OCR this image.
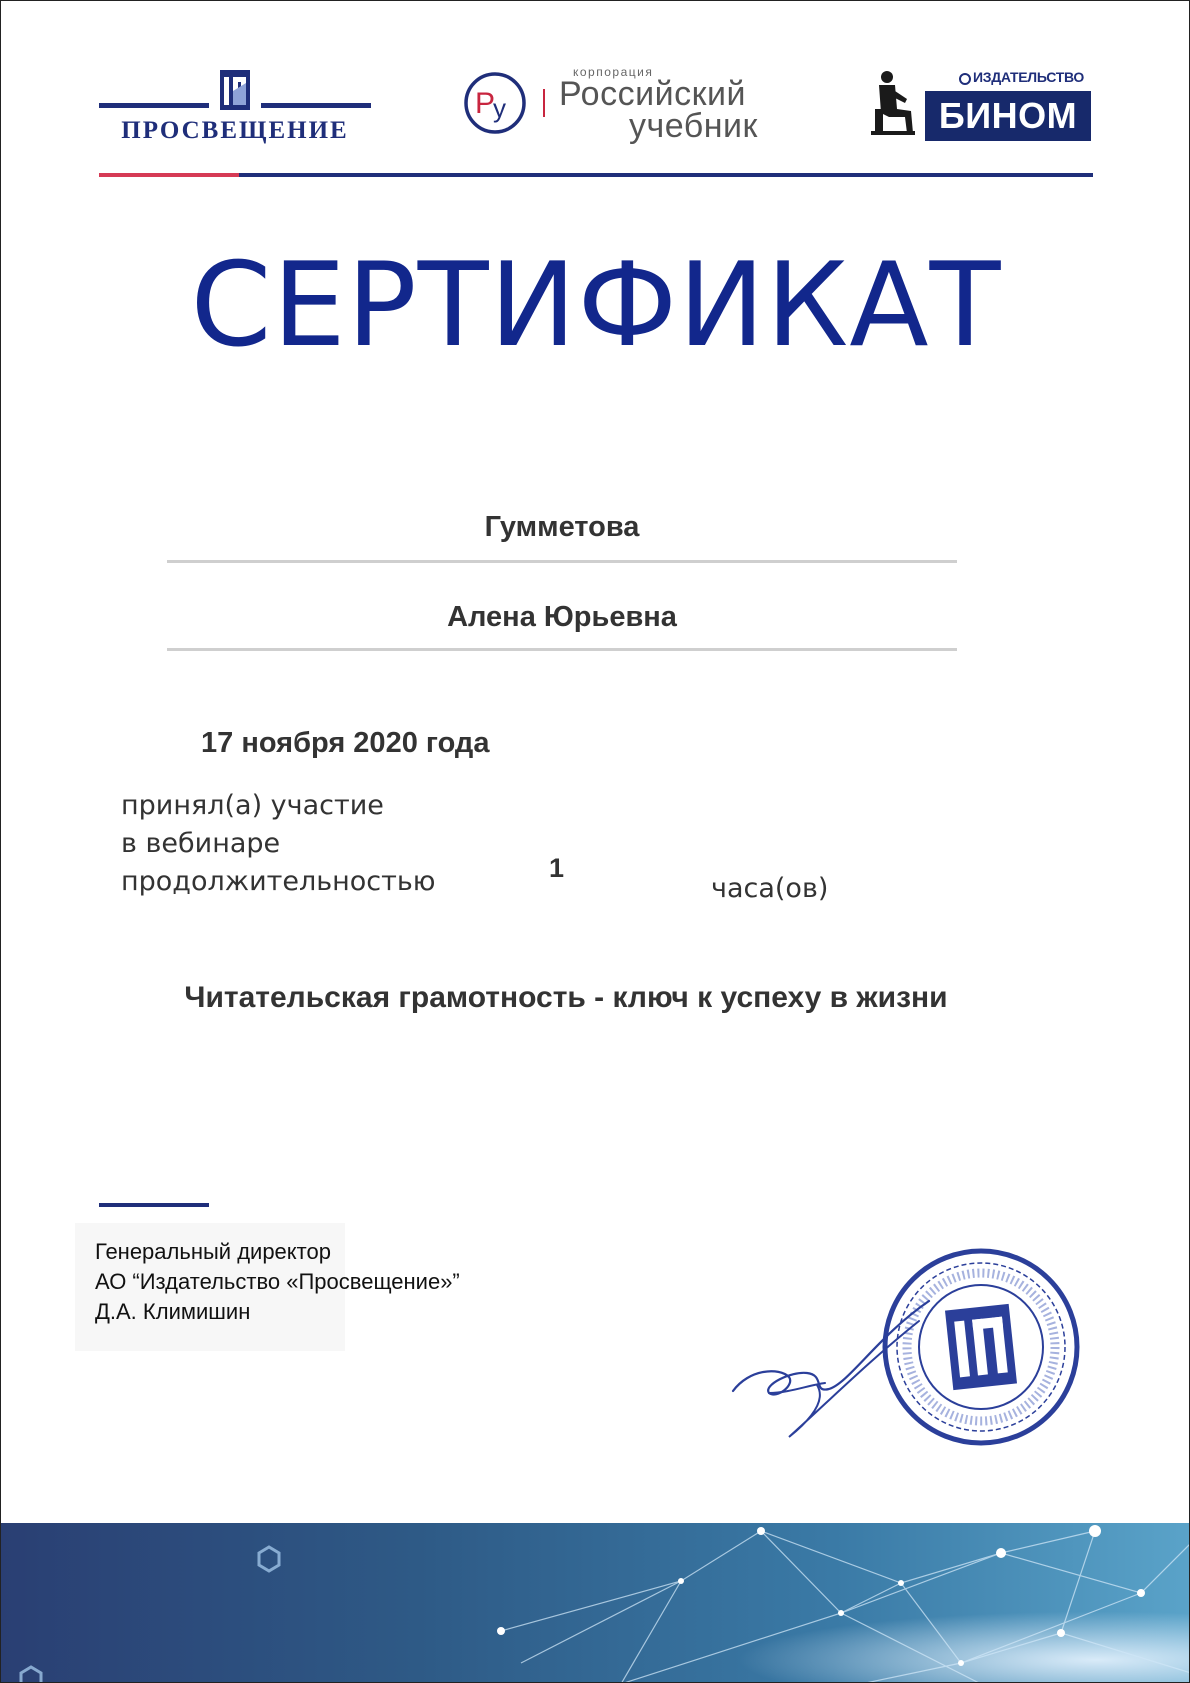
ПРОСВЕЩЕНИЕ
Р
у
корпорация
Российский
учебник
ИЗДАТЕЛЬСТВО
БИНОМ
СЕРТИФИКАТ
Гумметова
Алена Юрьевна
17 ноября 2020 года
принял(а) участие
в вебинаре
продолжительностью	1
часа(ов)
Читательская грамотность - ключ к успеху в жизни
Генеральный директор
АО “Издательство «Просвещение»”
Д.А. Климишин
